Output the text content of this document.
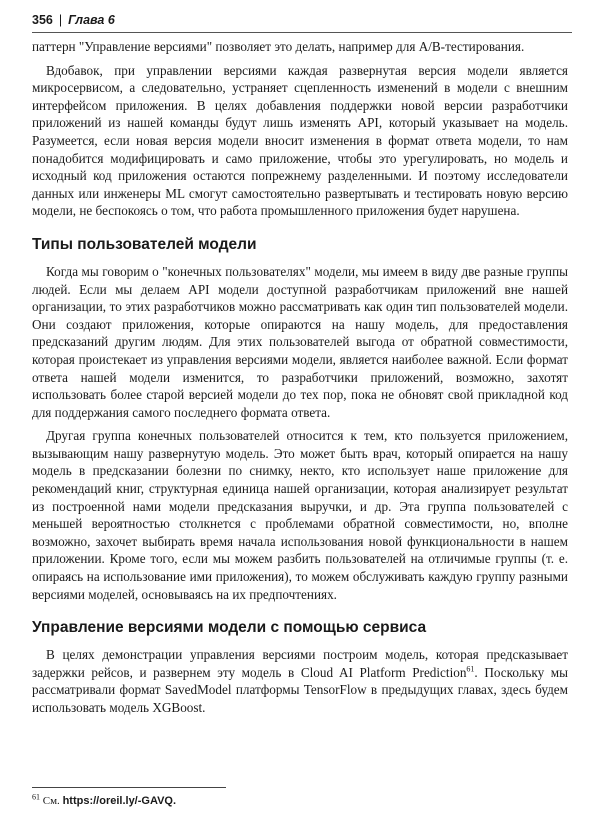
356 | Глава 6

паттерн "Управление версиями" позволяет это делать, например для А/В-тестирования.

Вдобавок, при управлении версиями каждая развернутая версия модели является микросервисом, а следовательно, устраняет сцепленность изменений в модели с внешним интерфейсом приложения. В целях добавления поддержки новой версии разработчики приложений из нашей команды будут лишь изменять API, который указывает на модель. Разумеется, если новая версия модели вносит изменения в формат ответа модели, то нам понадобится модифицировать и само приложение, чтобы это урегулировать, но модель и исходный код приложения остаются попрежнему разделенными. И поэтому исследователи данных или инженеры ML смогут самостоятельно развертывать и тестировать новую версию модели, не беспокоясь о том, что работа промышленного приложения будет нарушена.

Типы пользователей модели

Когда мы говорим о "конечных пользователях" модели, мы имеем в виду две разные группы людей. Если мы делаем API модели доступной разработчикам приложений вне нашей организации, то этих разработчиков можно рассматривать как один тип пользователей модели. Они создают приложения, которые опираются на нашу модель, для предоставления предсказаний другим людям. Для этих пользователей выгода от обратной совместимости, которая проистекает из управления версиями модели, является наиболее важной. Если формат ответа нашей модели изменится, то разработчики приложений, возможно, захотят использовать более старой версией модели до тех пор, пока не обновят свой прикладной код для поддержания самого последнего формата ответа.

Другая группа конечных пользователей относится к тем, кто пользуется приложением, вызывающим нашу развернутую модель. Это может быть врач, который опирается на нашу модель в предсказании болезни по снимку, некто, кто использует наше приложение для рекомендаций книг, структурная единица нашей организации, которая анализирует результат из построенной нами модели предсказания выручки, и др. Эта группа пользователей с меньшей вероятностью столкнется с проблемами обратной совместимости, но, вполне возможно, захочет выбирать время начала использования новой функциональности в нашем приложении. Кроме того, если мы можем разбить пользователей на отличимые группы (т. е. опираясь на использование ими приложения), то можем обслуживать каждую группу разными версиями моделей, основываясь на их предпочтениях.

Управление версиями модели с помощью сервиса

В целях демонстрации управления версиями построим модель, которая предсказывает задержки рейсов, и развернем эту модель в Cloud AI Platform Prediction$^{61}$. Поскольку мы рассматривали формат SavedModel платформы TensorFlow в предыдущих главах, здесь будем использовать модель XGBoost.

$^{61}$ См. https://oreil.ly/-GAVQ.
